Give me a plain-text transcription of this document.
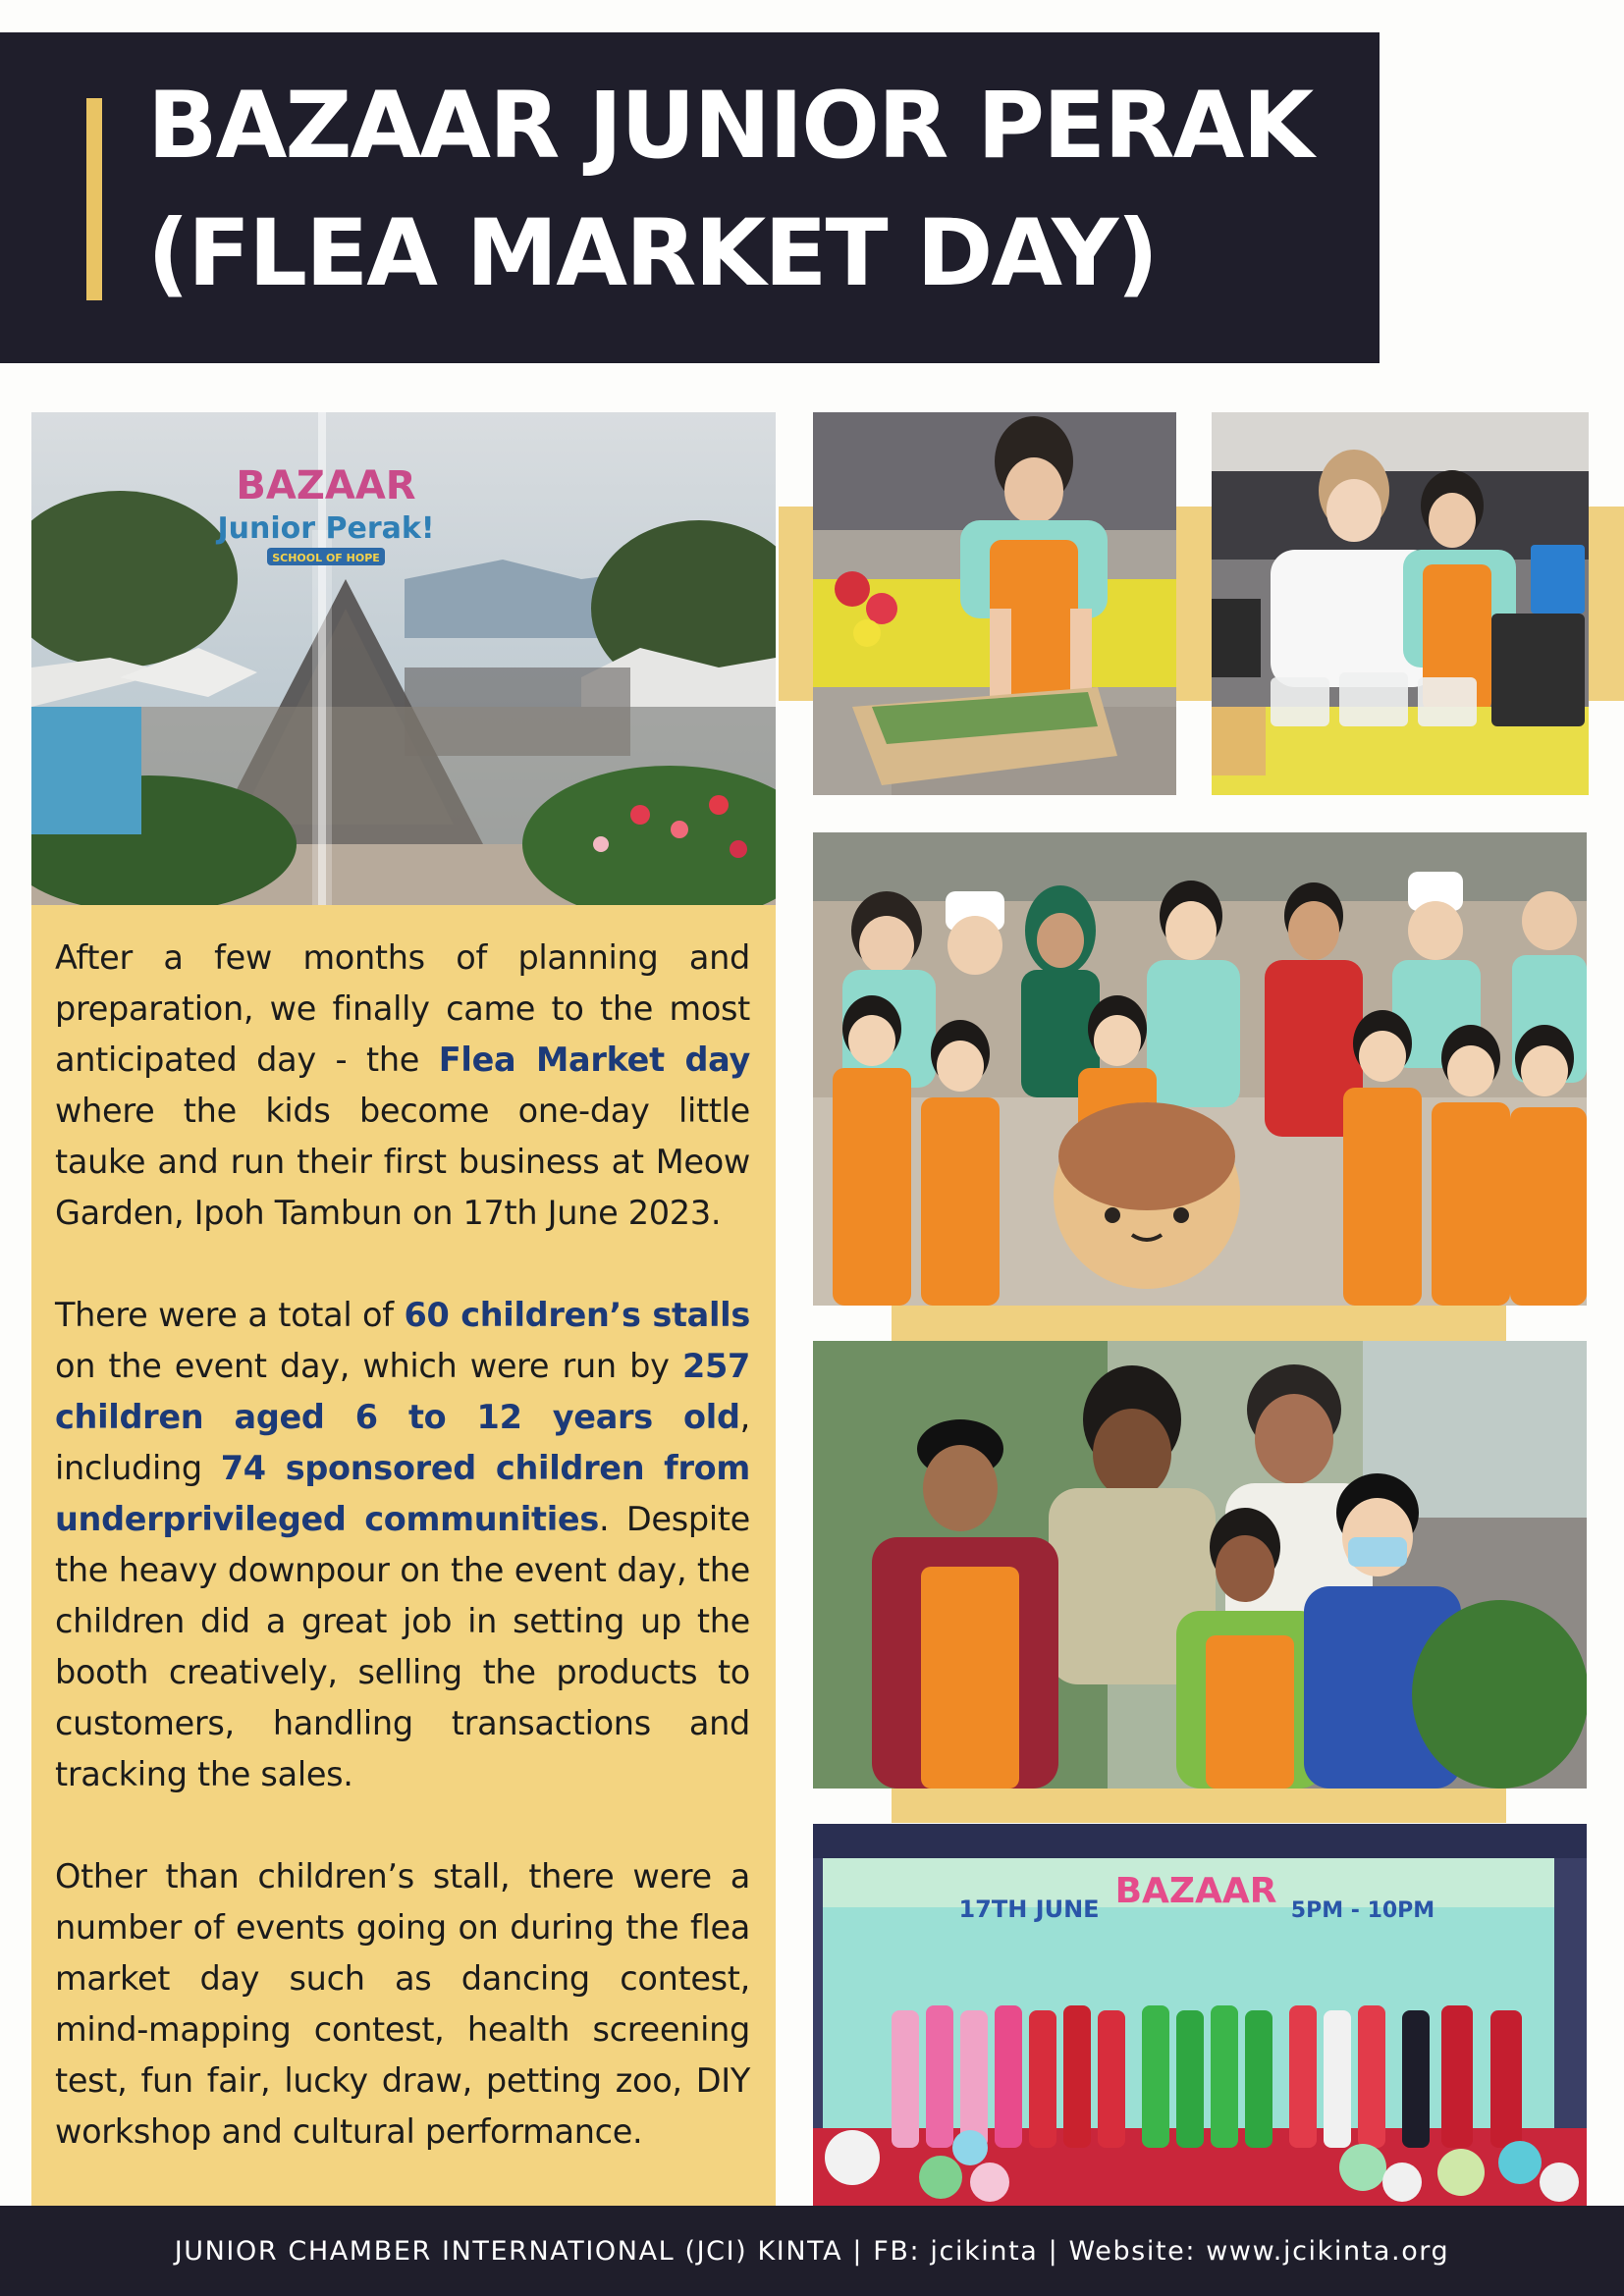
BAZAAR JUNIOR PERAK
(FLEA MARKET DAY)
BAZAAR
Junior Perak!
SCHOOL OF HOPE
After a few months of planning and preparation, we finally came to the most anticipated day - the Flea Market day where the kids become one-day little tauke and run their first business at Meow Garden, Ipoh Tambun on 17th June 2023.
There were a total of 60 children’s stalls on the event day, which were run by 257 children aged 6 to 12 years old, including 74 sponsored children from underprivileged communities. Despite the heavy downpour on the event day, the children did a great job in setting up the booth creatively, selling the products to customers, handling transactions and tracking the sales.
Other than children’s stall, there were a number of events going on during the flea market day such as dancing contest, mind-mapping contest, health screening test, fun fair, lucky draw, petting zoo, DIY workshop and cultural performance.
BAZAAR
17TH JUNE	5PM - 10PM
JUNIOR CHAMBER INTERNATIONAL (JCI) KINTA | FB: jcikinta | Website: www.jcikinta.org
